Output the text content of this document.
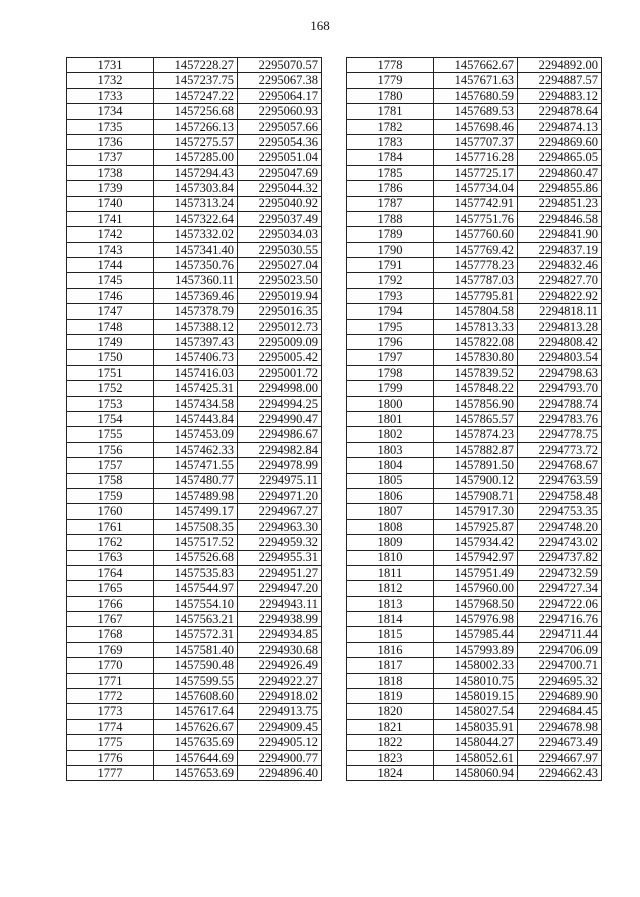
168
1731	1457228.27	2295070.57
1732	1457237.75	2295067.38
1733	1457247.22	2295064.17
1734	1457256.68	2295060.93
1735	1457266.13	2295057.66
1736	1457275.57	2295054.36
1737	1457285.00	2295051.04
1738	1457294.43	2295047.69
1739	1457303.84	2295044.32
1740	1457313.24	2295040.92
1741	1457322.64	2295037.49
1742	1457332.02	2295034.03
1743	1457341.40	2295030.55
1744	1457350.76	2295027.04
1745	1457360.11	2295023.50
1746	1457369.46	2295019.94
1747	1457378.79	2295016.35
1748	1457388.12	2295012.73
1749	1457397.43	2295009.09
1750	1457406.73	2295005.42
1751	1457416.03	2295001.72
1752	1457425.31	2294998.00
1753	1457434.58	2294994.25
1754	1457443.84	2294990.47
1755	1457453.09	2294986.67
1756	1457462.33	2294982.84
1757	1457471.55	2294978.99
1758	1457480.77	2294975.11
1759	1457489.98	2294971.20
1760	1457499.17	2294967.27
1761	1457508.35	2294963.30
1762	1457517.52	2294959.32
1763	1457526.68	2294955.31
1764	1457535.83	2294951.27
1765	1457544.97	2294947.20
1766	1457554.10	2294943.11
1767	1457563.21	2294938.99
1768	1457572.31	2294934.85
1769	1457581.40	2294930.68
1770	1457590.48	2294926.49
1771	1457599.55	2294922.27
1772	1457608.60	2294918.02
1773	1457617.64	2294913.75
1774	1457626.67	2294909.45
1775	1457635.69	2294905.12
1776	1457644.69	2294900.77
1777	1457653.69	2294896.40
1778	1457662.67	2294892.00
1779	1457671.63	2294887.57
1780	1457680.59	2294883.12
1781	1457689.53	2294878.64
1782	1457698.46	2294874.13
1783	1457707.37	2294869.60
1784	1457716.28	2294865.05
1785	1457725.17	2294860.47
1786	1457734.04	2294855.86
1787	1457742.91	2294851.23
1788	1457751.76	2294846.58
1789	1457760.60	2294841.90
1790	1457769.42	2294837.19
1791	1457778.23	2294832.46
1792	1457787.03	2294827.70
1793	1457795.81	2294822.92
1794	1457804.58	2294818.11
1795	1457813.33	2294813.28
1796	1457822.08	2294808.42
1797	1457830.80	2294803.54
1798	1457839.52	2294798.63
1799	1457848.22	2294793.70
1800	1457856.90	2294788.74
1801	1457865.57	2294783.76
1802	1457874.23	2294778.75
1803	1457882.87	2294773.72
1804	1457891.50	2294768.67
1805	1457900.12	2294763.59
1806	1457908.71	2294758.48
1807	1457917.30	2294753.35
1808	1457925.87	2294748.20
1809	1457934.42	2294743.02
1810	1457942.97	2294737.82
1811	1457951.49	2294732.59
1812	1457960.00	2294727.34
1813	1457968.50	2294722.06
1814	1457976.98	2294716.76
1815	1457985.44	2294711.44
1816	1457993.89	2294706.09
1817	1458002.33	2294700.71
1818	1458010.75	2294695.32
1819	1458019.15	2294689.90
1820	1458027.54	2294684.45
1821	1458035.91	2294678.98
1822	1458044.27	2294673.49
1823	1458052.61	2294667.97
1824	1458060.94	2294662.43
